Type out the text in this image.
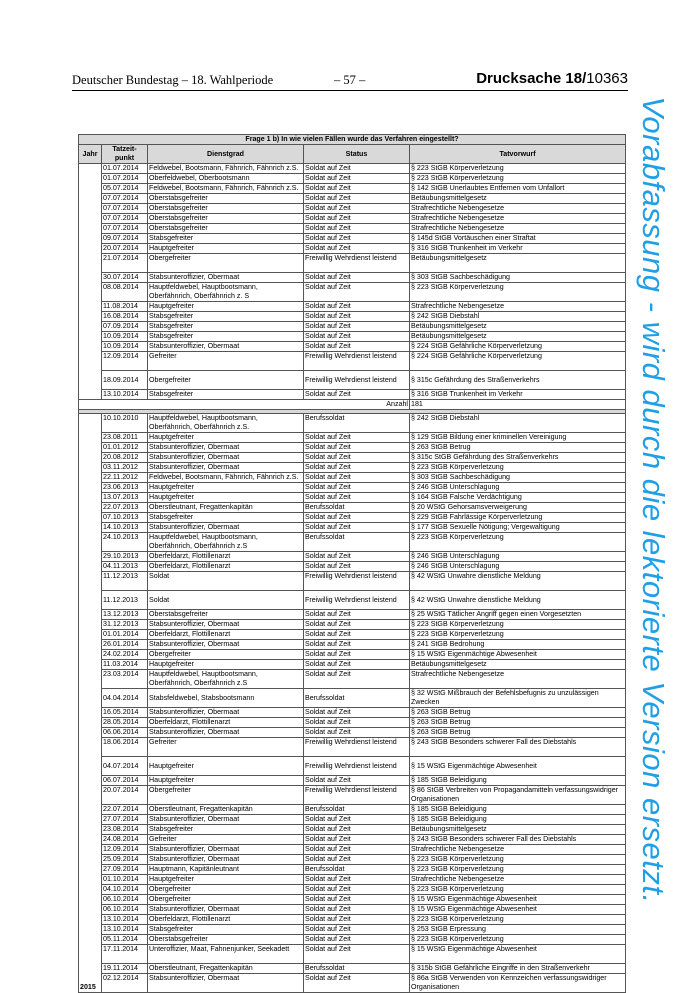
Deutscher Bundestag – 18. Wahlperiode	– 57 –	Drucksache 18/10363
Vorabfassung - wird durch die lektorierte Version ersetzt.
Frage 1 b) In wie vielen Fällen wurde das Verfahren eingestellt?				
Jahr	Tatzeit-punkt	Dienstgrad	Status	Tatvorwurf
	01.07.2014	Feldwebel, Bootsmann, Fähnrich, Fähnrich z.S.	Soldat auf Zeit	§ 223 StGB Körperverletzung
	01.07.2014	Oberfeldwebel, Oberbootsmann	Soldat auf Zeit	§ 223 StGB Körperverletzung
	05.07.2014	Feldwebel, Bootsmann, Fähnrich, Fähnrich z.S.	Soldat auf Zeit	§ 142 StGB Unerlaubtes Entfernen vom Unfallort
	07.07.2014	Oberstabsgefreiter	Soldat auf Zeit	Betäubungsmittelgesetz
	07.07.2014	Oberstabsgefreiter	Soldat auf Zeit	Strafrechtliche Nebengesetze
	07.07.2014	Oberstabsgefreiter	Soldat auf Zeit	Strafrechtliche Nebengesetze
	07.07.2014	Oberstabsgefreiter	Soldat auf Zeit	Strafrechtliche Nebengesetze
	09.07.2014	Stabsgefreiter	Soldat auf Zeit	§ 145d StGB Vortäuschen einer Straftat
	20.07.2014	Hauptgefreiter	Soldat auf Zeit	§ 316 StGB Trunkenheit im Verkehr
	21.07.2014	Obergefreiter	Freiwillig Wehrdienst leistend	Betäubungsmittelgesetz
	30.07.2014	Stabsunteroffizier, Obermaat	Soldat auf Zeit	§ 303 StGB Sachbeschädigung
	08.08.2014	Hauptfeldwebel, Hauptbootsmann, Oberfähnrich, Oberfähnrich z. S	Soldat auf Zeit	§ 223 StGB Körperverletzung
	11.08.2014	Hauptgefreiter	Soldat auf Zeit	Strafrechtliche Nebengesetze
	16.08.2014	Stabsgefreiter	Soldat auf Zeit	§ 242 StGB Diebstahl
	07.09.2014	Stabsgefreiter	Soldat auf Zeit	Betäubungsmittelgesetz
	10.09.2014	Stabsgefreiter	Soldat auf Zeit	Betäubungsmittelgesetz
	10.09.2014	Stabsunteroffizier, Obermaat	Soldat auf Zeit	§ 224 StGB Gefährliche Körperverletzung
	12.09.2014	Gefreiter	Freiwillig Wehrdienst leistend	§ 224 StGB Gefährliche Körperverletzung
	18.09.2014	Obergefreiter	Freiwillig Wehrdienst leistend	§ 315c Gefährdung des Straßenverkehrs
	13.10.2014	Stabsgefreiter	Soldat auf Zeit	§ 316 StGB Trunkenheit im Verkehr
Anzahl				181

2015	10.10.2010	Hauptfeldwebel, Hauptbootsmann, Oberfähnrich, Oberfähnrich z.S.	Berufssoldat	§ 242 StGB Diebstahl
	23.08.2011	Hauptgefreiter	Soldat auf Zeit	§ 129 StGB Bildung einer kriminellen Vereinigung
	01.01.2012	Stabsunteroffizier, Obermaat	Soldat auf Zeit	§ 263 StGB Betrug
	20.08.2012	Stabsunteroffizier, Obermaat	Soldat auf Zeit	§ 315c StGB Gefährdung des Straßenverkehrs
	03.11.2012	Stabsunteroffizier, Obermaat	Soldat auf Zeit	§ 223 StGB Körperverletzung
	22.11.2012	Feldwebel, Bootsmann, Fähnrich, Fähnrich z.S.	Soldat auf Zeit	§ 303 StGB Sachbeschädigung
	23.06.2013	Hauptgefreiter	Soldat auf Zeit	§ 246 StGB Unterschlagung
	13.07.2013	Hauptgefreiter	Soldat auf Zeit	§ 164 StGB Falsche Verdächtigung
	22.07.2013	Oberstleutnant, Fregattenkapitän	Berufssoldat	§ 20 WStG Gehorsamsverweigerung
	07.10.2013	Stabsgefreiter	Soldat auf Zeit	§ 229 StGB Fahrlässige Körperverletzung
	14.10.2013	Stabsunteroffizier, Obermaat	Soldat auf Zeit	§ 177 StGB Sexuelle Nötigung; Vergewaltigung
	24.10.2013	Hauptfeldwebel, Hauptbootsmann, Oberfähnrich, Oberfähnrich z.S	Berufssoldat	§ 223 StGB Körperverletzung
	29.10.2013	Oberfeldarzt, Flottillenarzt	Soldat auf Zeit	§ 246 StGB Unterschlagung
	04.11.2013	Oberfeldarzt, Flottillenarzt	Soldat auf Zeit	§ 246 StGB Unterschlagung
	11.12.2013	Soldat	Freiwillig Wehrdienst leistend	§ 42 WStG Unwahre dienstliche Meldung
	11.12.2013	Soldat	Freiwillig Wehrdienst leistend	§ 42 WStG Unwahre dienstliche Meldung
	13.12.2013	Oberstabsgefreiter	Soldat auf Zeit	§ 25 WStG Tätlicher Angriff gegen einen Vorgesetzten
	31.12.2013	Stabsunteroffizier, Obermaat	Soldat auf Zeit	§ 223 StGB Körperverletzung
	01.01.2014	Oberfeldarzt, Flottillenarzt	Soldat auf Zeit	§ 223 StGB Körperverletzung
	26.01.2014	Stabsunteroffizier, Obermaat	Soldat auf Zeit	§ 241 StGB Bedrohung
	24.02.2014	Obergefreiter	Soldat auf Zeit	§ 15 WStG Eigenmächtige Abwesenheit
	11.03.2014	Hauptgefreiter	Soldat auf Zeit	Betäubungsmittelgesetz
	23.03.2014	Hauptfeldwebel, Hauptbootsmann, Oberfähnrich, Oberfähnrich z.S	Soldat auf Zeit	Strafrechtliche Nebengesetze
	04.04.2014	Stabsfeldwebel, Stabsbootsmann	Berufssoldat	§ 32 WStG Mißbrauch der Befehlsbefugnis zu unzulässigen Zwecken
	16.05.2014	Stabsunteroffizier, Obermaat	Soldat auf Zeit	§ 263 StGB Betrug
	28.05.2014	Oberfeldarzt, Flottillenarzt	Soldat auf Zeit	§ 263 StGB Betrug
	06.06.2014	Stabsunteroffizier, Obermaat	Soldat auf Zeit	§ 263 StGB Betrug
	18.06.2014	Gefreiter	Freiwillig Wehrdienst leistend	§ 243 StGB Besonders schwerer Fall des Diebstahls
	04.07.2014	Hauptgefreiter	Freiwillig Wehrdienst leistend	§ 15 WStG Eigenmächtige Abwesenheit
	06.07.2014	Hauptgefreiter	Soldat auf Zeit	§ 185 StGB Beleidigung
	20.07.2014	Obergefreiter	Freiwillig Wehrdienst leistend	§ 86 StGB Verbreiten von Propagandamitteln verfassungswidriger Organisationen
	22.07.2014	Oberstleutnant, Fregattenkapitän	Berufssoldat	§ 185 StGB Beleidigung
	27.07.2014	Stabsunteroffizier, Obermaat	Soldat auf Zeit	§ 185 StGB Beleidigung
	23.08.2014	Stabsgefreiter	Soldat auf Zeit	Betäubungsmittelgesetz
	24.08.2014	Gefreiter	Soldat auf Zeit	§ 243 StGB Besonders schwerer Fall des Diebstahls
	12.09.2014	Stabsunteroffizier, Obermaat	Soldat auf Zeit	Strafrechtliche Nebengesetze
	25.09.2014	Stabsunteroffizier, Obermaat	Soldat auf Zeit	§ 223 StGB Körperverletzung
	27.09.2014	Hauptmann, Kapitänleutnant	Berufssoldat	§ 223 StGB Körperverletzung
	01.10.2014	Hauptgefreiter	Soldat auf Zeit	Strafrechtliche Nebengesetze
	04.10.2014	Obergefreiter	Soldat auf Zeit	§ 223 StGB Körperverletzung
	06.10.2014	Obergefreiter	Soldat auf Zeit	§ 15 WStG Eigenmächtige Abwesenheit
	06.10.2014	Stabsunteroffizier, Obermaat	Soldat auf Zeit	§ 15 WStG Eigenmächtige Abwesenheit
	13.10.2014	Oberfeldarzt, Flottillenarzt	Soldat auf Zeit	§ 223 StGB Körperverletzung
	13.10.2014	Stabsgefreiter	Soldat auf Zeit	§ 253 StGB Erpressung
	05.11.2014	Oberstabsgefreiter	Soldat auf Zeit	§ 223 StGB Körperverletzung
	17.11.2014	Unteroffizier, Maat, Fahnenjunker, Seekadett	Soldat auf Zeit	§ 15 WStG Eigenmächtige Abwesenheit
	19.11.2014	Oberstleutnant, Fregattenkapitän	Berufssoldat	§ 315b StGB Gefährliche Eingriffe in den Straßenverkehr
	02.12.2014	Stabsunteroffizier, Obermaat	Soldat auf Zeit	§ 86a StGB Verwenden von Kennzeichen verfassungswidriger Organisationen
